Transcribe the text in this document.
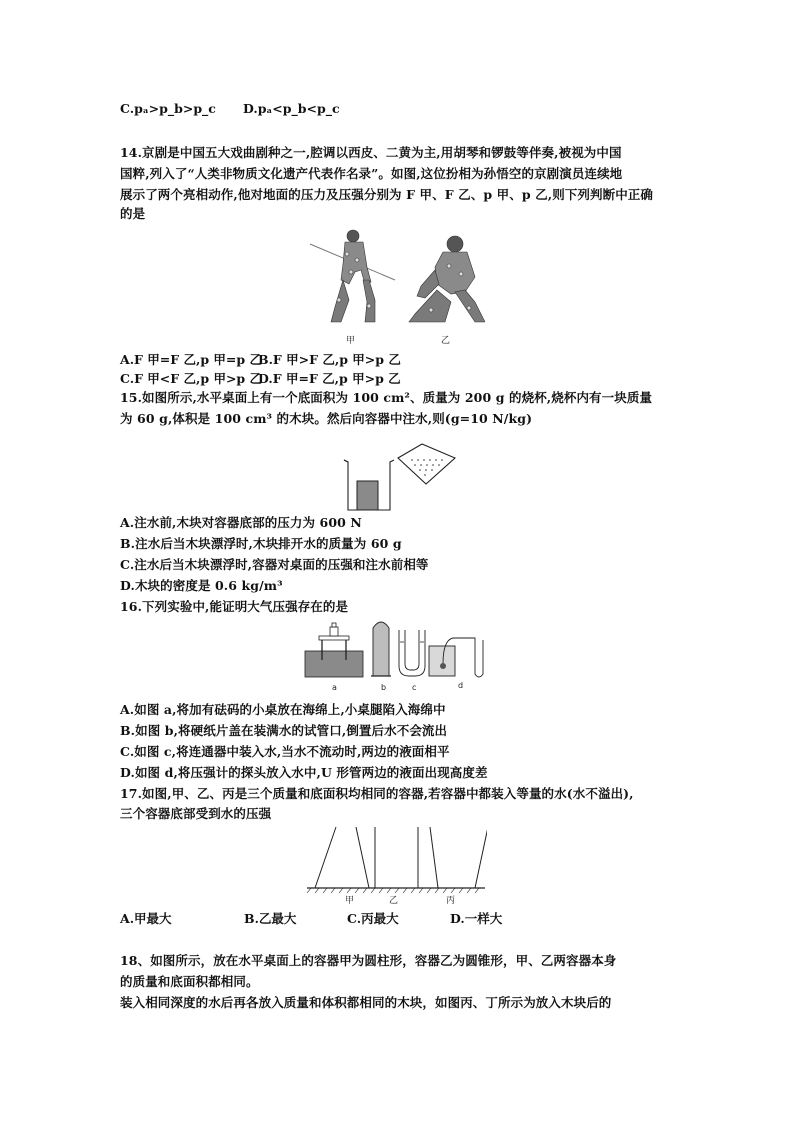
C.pₐ>p_b>p_c D.pₐ<p_b<p_c
14.京剧是中国五大戏曲剧种之一,腔调以西皮、二黄为主,用胡琴和锣鼓等伴奏,被视为中国
国粹,列入了“人类非物质文化遗产代表作名录”。如图,这位扮相为孙悟空的京剧演员连续地
展示了两个亮相动作,他对地面的压力及压强分别为 F 甲、F 乙、p 甲、p 乙,则下列判断中正确
的是
甲	乙
A.F 甲=F 乙,p 甲=p 乙
B.F 甲>F 乙,p 甲>p 乙
C.F 甲<F 乙,p 甲>p 乙
D.F 甲=F 乙,p 甲>p 乙
15.如图所示,水平桌面上有一个底面积为 100 cm²、质量为 200 g 的烧杯,烧杯内有一块质量
为 60 g,体积是 100 cm³ 的木块。然后向容器中注水,则(g=10 N/kg)
A.注水前,木块对容器底部的压力为 600 N
B.注水后当木块漂浮时,木块排开水的质量为 60 g
C.注水后当木块漂浮时,容器对桌面的压强和注水前相等
D.木块的密度是 0.6 kg/m³
16.下列实验中,能证明大气压强存在的是
a	b	c	d
A.如图 a,将加有砝码的小桌放在海绵上,小桌腿陷入海绵中
B.如图 b,将硬纸片盖在装满水的试管口,倒置后水不会流出
C.如图 c,将连通器中装入水,当水不流动时,两边的液面相平
D.如图 d,将压强计的探头放入水中,U 形管两边的液面出现高度差
17.如图,甲、乙、丙是三个质量和底面积均相同的容器,若容器中都装入等量的水(水不溢出),
三个容器底部受到水的压强
甲	乙	丙
A.甲最大	B.乙最大	C.丙最大	D.一样大
18、如图所示，放在水平桌面上的容器甲为圆柱形，容器乙为圆锥形，甲、乙两容器本身
的质量和底面积都相同。
装入相同深度的水后再各放入质量和体积都相同的木块，如图丙、丁所示为放入木块后的
